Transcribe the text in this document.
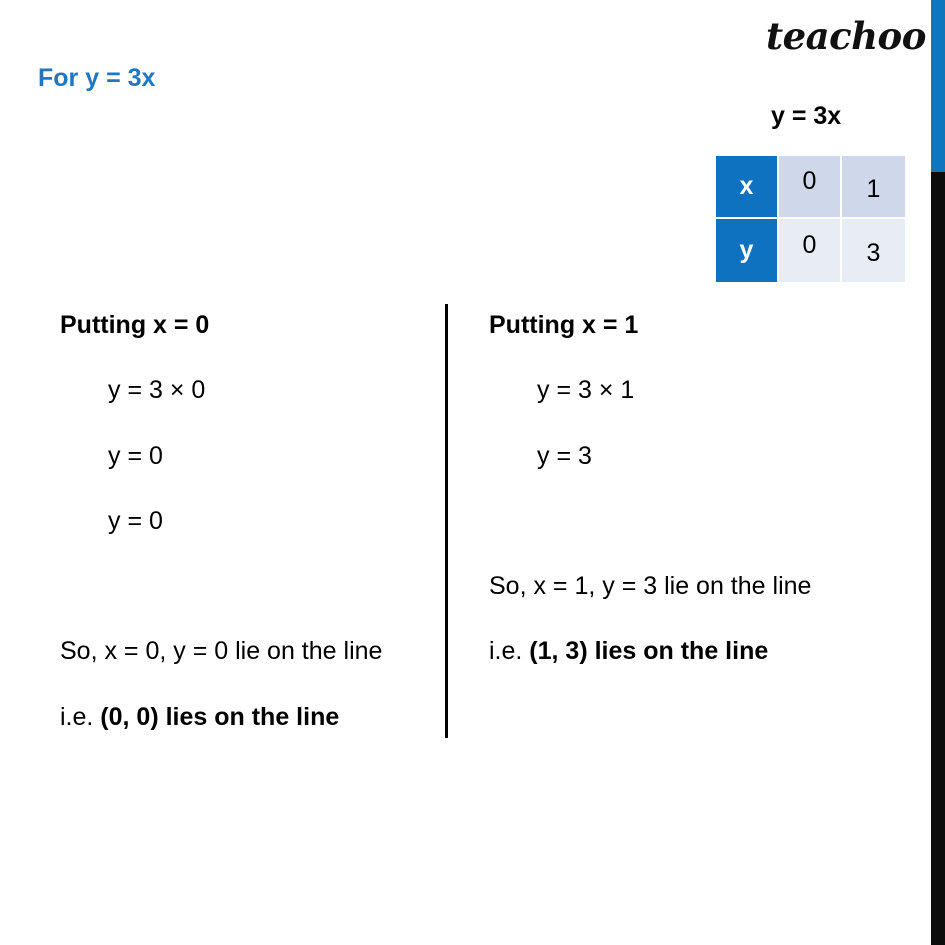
teachoo
For y = 3x
y = 3x
x	0	1
y	0	3
Putting x = 0
y = 3 × 0
y = 0
y = 0
So, x = 0, y = 0 lie on the line
i.e. (0, 0) lies on the line
Putting x = 1
y = 3 × 1
y = 3
So, x = 1, y = 3 lie on the line
i.e. (1, 3) lies on the line
